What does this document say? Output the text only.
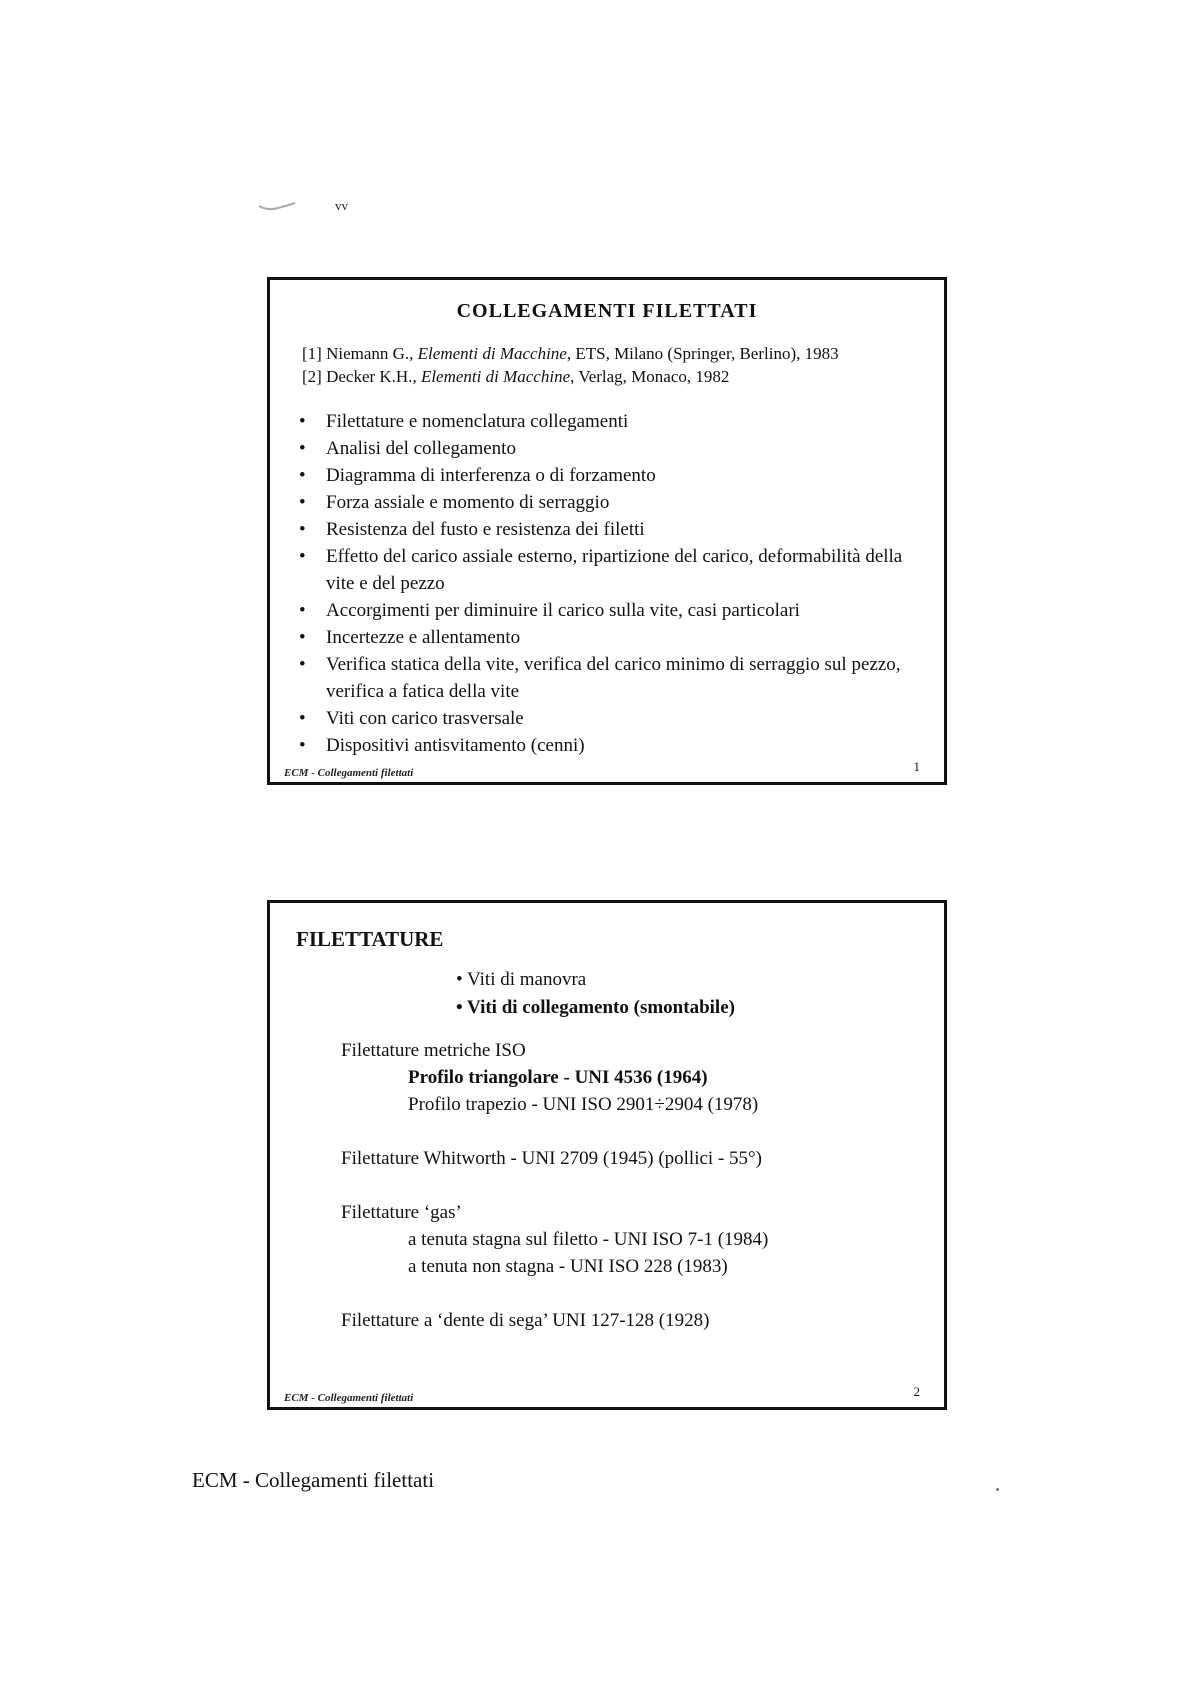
vv
COLLEGAMENTI FILETTATI
[1] Niemann G., Elementi di Macchine, ETS, Milano (Springer, Berlino), 1983
[2] Decker K.H., Elementi di Macchine, Verlag, Monaco, 1982
• Filettature e nomenclatura collegamenti
• Analisi del collegamento
• Diagramma di interferenza o di forzamento
• Forza assiale e momento di serraggio
• Resistenza del fusto e resistenza dei filetti
• Effetto del carico assiale esterno, ripartizione del carico, deformabilità della vite e del pezzo
• Accorgimenti per diminuire il carico sulla vite, casi particolari
• Incertezze e allentamento
• Verifica statica della vite, verifica del carico minimo di serraggio sul pezzo, verifica a fatica della vite
• Viti con carico trasversale
• Dispositivi antisvitamento (cenni)
ECM - Collegamenti filettati	1
FILETTATURE
• Viti di manovra
• Viti di collegamento (smontabile)
Filettature metriche ISO
Profilo triangolare - UNI 4536 (1964)
Profilo trapezio - UNI ISO 2901÷2904 (1978)
Filettature Whitworth - UNI 2709 (1945) (pollici - 55°)
Filettature ‘gas’
a tenuta stagna sul filetto - UNI ISO 7-1 (1984)
a tenuta non stagna - UNI ISO 228 (1983)
Filettature a ‘dente di sega’ UNI 127-128 (1928)
ECM - Collegamenti filettati	2
ECM - Collegamenti filettati
